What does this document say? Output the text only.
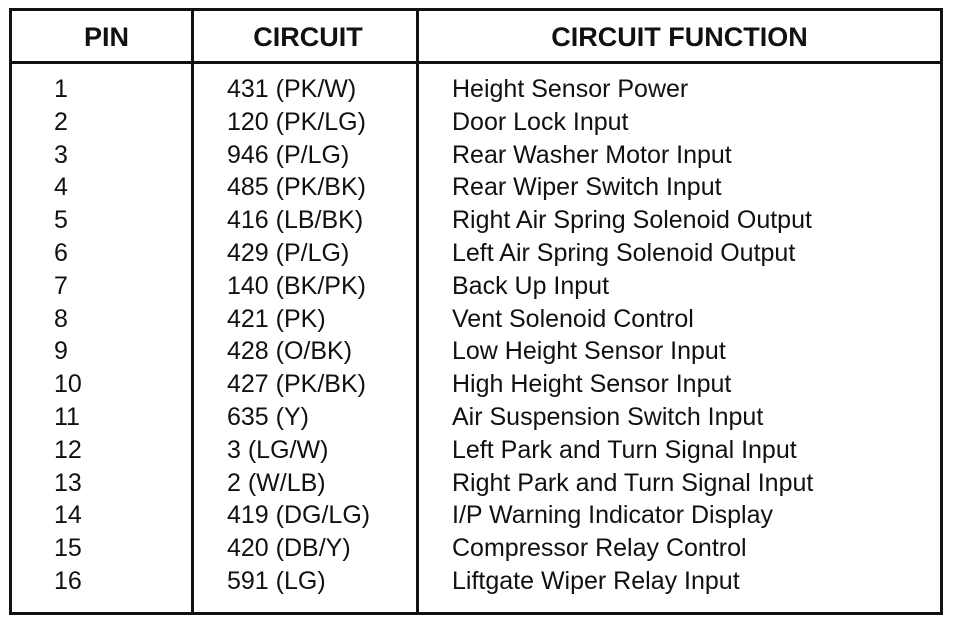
PIN	CIRCUIT	CIRCUIT FUNCTION
1
2
3
4
5
6
7
8
9
10
11
12
13
14
15
16
431 (PK/W)
120 (PK/LG)
946 (P/LG)
485 (PK/BK)
416 (LB/BK)
429 (P/LG)
140 (BK/PK)
421 (PK)
428 (O/BK)
427 (PK/BK)
635 (Y)
3 (LG/W)
2 (W/LB)
419 (DG/LG)
420 (DB/Y)
591 (LG)
Height Sensor Power
Door Lock Input
Rear Washer Motor Input
Rear Wiper Switch Input
Right Air Spring Solenoid Output
Left Air Spring Solenoid Output
Back Up Input
Vent Solenoid Control
Low Height Sensor Input
High Height Sensor Input
Air Suspension Switch Input
Left Park and Turn Signal Input
Right Park and Turn Signal Input
I/P Warning Indicator Display
Compressor Relay Control
Liftgate Wiper Relay Input
